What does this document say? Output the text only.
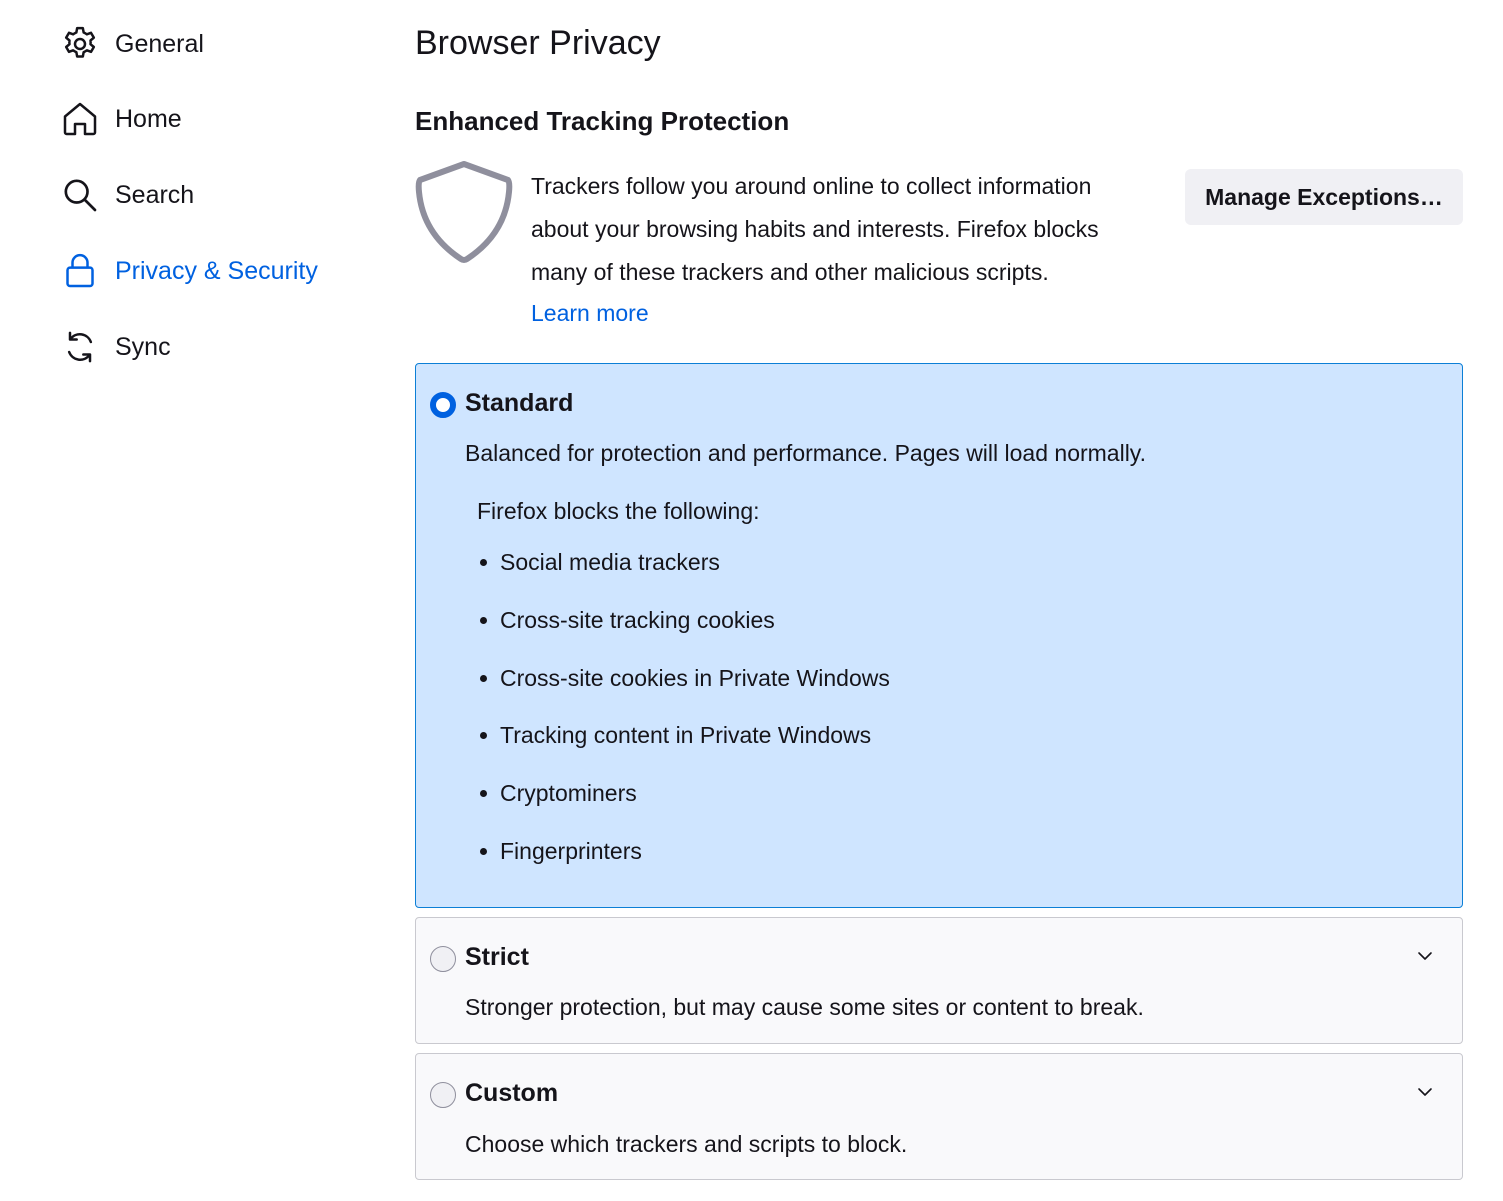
General
Home
Search
Privacy & Security
Sync
Browser Privacy
Enhanced Tracking Protection
Trackers follow you around online to collect information about your browsing habits and interests. Firefox blocks many of these trackers and other malicious scripts.
Learn more
Manage Exceptions…
Standard
Balanced for protection and performance. Pages will load normally.
Firefox blocks the following:
Social media trackers
Cross-site tracking cookies
Cross-site cookies in Private Windows
Tracking content in Private Windows
Cryptominers
Fingerprinters
Strict
Stronger protection, but may cause some sites or content to break.
Custom
Choose which trackers and scripts to block.
